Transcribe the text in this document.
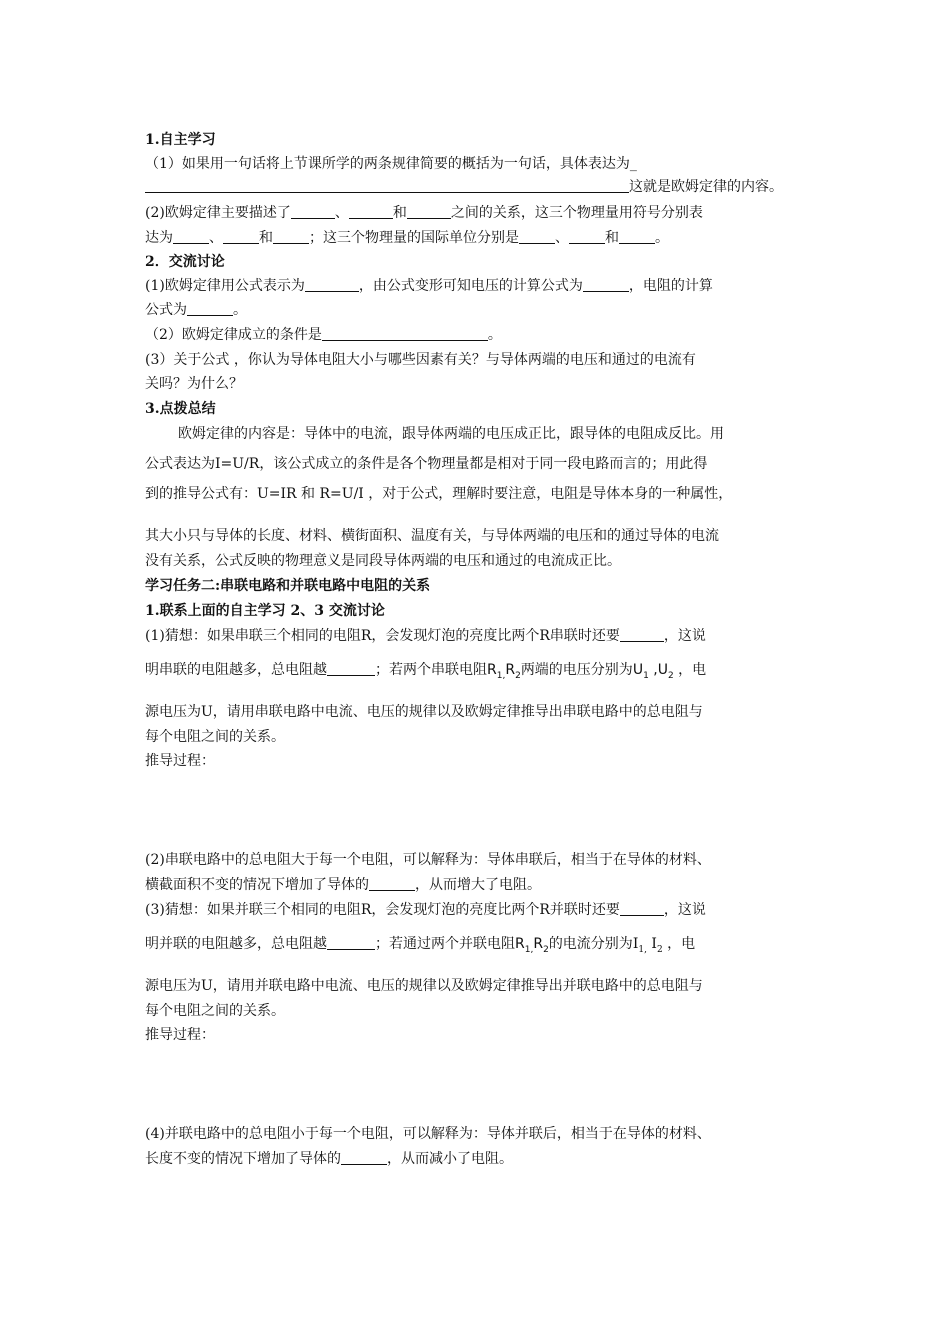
1.自主学习
（1）如果用一句话将上节课所学的两条规律简要的概括为一句话，具体表达为_
这就是欧姆定律的内容。
(2)欧姆定律主要描述了	、	和	之间的关系，这三个物理量用符号分别表
达为	、	和	；这三个物理量的国际单位分别是	、	和	。
2．交流讨论
(1)欧姆定律用公式表示为	，由公式变形可知电压的计算公式为	，电阻的计算
公式为	。
（2）欧姆定律成立的条件是	。
(3）关于公式 ，你认为导体电阻大小与哪些因素有关？与导体两端的电压和通过的电流有
关吗？为什么？
3.点拨总结
欧姆定律的内容是：导体中的电流，跟导体两端的电压成正比，跟导体的电阻成反比。用
公式表达为I=U/R，该公式成立的条件是各个物理量都是相对于同一段电路而言的；用此得
到的推导公式有：U=IR 和 R=U/I ，对于公式，理解时要注意，电阻是导体本身的一种属性，
其大小只与导体的长度、材料、横街面积、温度有关，与导体两端的电压和的通过导体的电流
没有关系，公式反映的物理意义是同段导体两端的电压和通过的电流成正比。
学习任务二:串联电路和并联电路中电阻的关系
1.联系上面的自主学习 2、3 交流讨论
(1)猜想：如果串联三个相同的电阻R，会发现灯泡的亮度比两个R串联时还要	，这说
明串联的电阻越多，总电阻越	；若两个串联电阻$R_{1,}R_2$两端的电压分别为$U_1$ $,U_2$ ，电
源电压为U，请用串联电路中电流、电压的规律以及欧姆定律推导出串联电路中的总电阻与
每个电阻之间的关系。
推导过程：
(2)串联电路中的总电阻大于每一个电阻，可以解释为：导体串联后，相当于在导体的材料、
横截面积不变的情况下增加了导体的	，从而增大了电阻。
(3)猜想：如果并联三个相同的电阻R，会发现灯泡的亮度比两个R并联时还要	，这说
明并联的电阻越多，总电阻越	；若通过两个并联电阻$R_{1,}R_2$的电流分别为$I_{1,}$ $I_2$ ，电
源电压为U，请用并联电路中电流、电压的规律以及欧姆定律推导出并联电路中的总电阻与
每个电阻之间的关系。
推导过程：
(4)并联电路中的总电阻小于每一个电阻，可以解释为：导体并联后，相当于在导体的材料、
长度不变的情况下增加了导体的	，从而减小了电阻。
